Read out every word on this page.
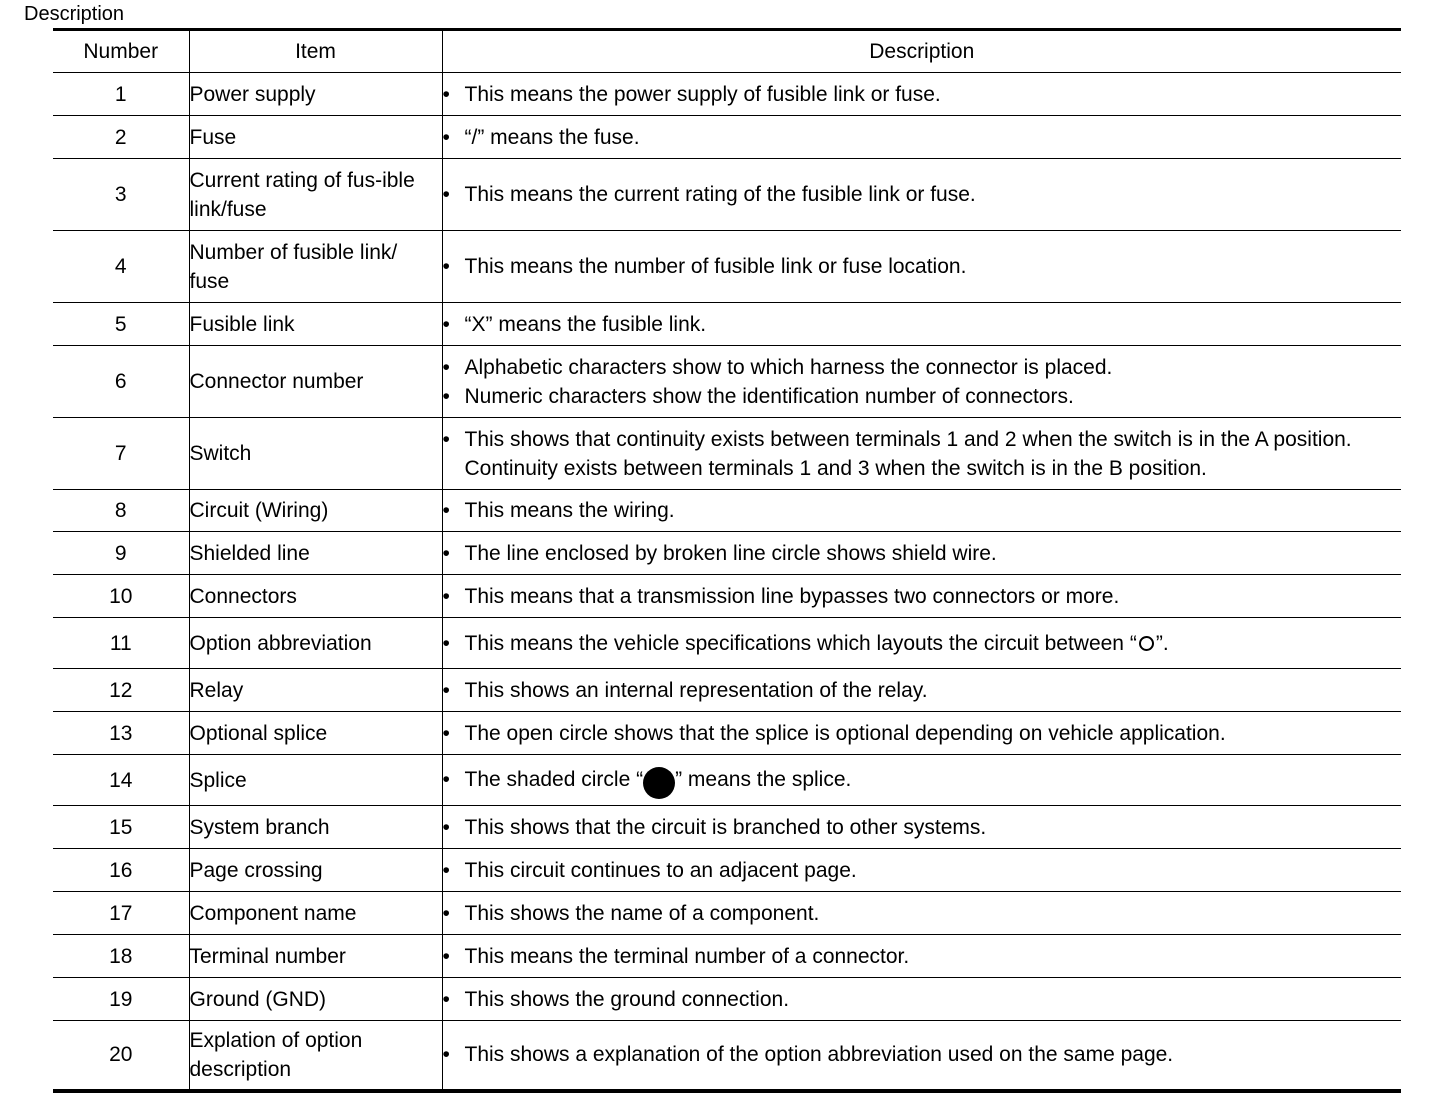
Description
Number	Item	Description
1	Power supply	• This means the power supply of fusible link or fuse.

2	Fuse	• “/” means the fuse.

3	Current rating of fus-ible link/fuse	• This means the current rating of the fusible link or fuse.

4	Number of fusible link/ fuse	• This means the number of fusible link or fuse location.

5	Fusible link	• “X” means the fusible link.

6	Connector number	• Alphabetic characters show to which harness the connector is placed.
• Numeric characters show the identification number of connectors.

7	Switch	• This shows that continuity exists between terminals 1 and 2 when the switch is in the A position. Continuity exists between terminals 1 and 3 when the switch is in the B position.

8	Circuit (Wiring)	• This means the wiring.

9	Shielded line	• The line enclosed by broken line circle shows shield wire.

10	Connectors	• This means that a transmission line bypasses two connectors or more.

11	Option abbreviation	• This means the vehicle specifications which layouts the circuit between “ ”.

12	Relay	• This shows an internal representation of the relay.

13	Optional splice	• The open circle shows that the splice is optional depending on vehicle application.

14	Splice	• The shaded circle “ ” means the splice.

15	System branch	• This shows that the circuit is branched to other systems.

16	Page crossing	• This circuit continues to an adjacent page.

17	Component name	• This shows the name of a component.

18	Terminal number	• This means the terminal number of a connector.

19	Ground (GND)	• This shows the ground connection.

20	Explation of option description	• This shows a explanation of the option abbreviation used on the same page.
